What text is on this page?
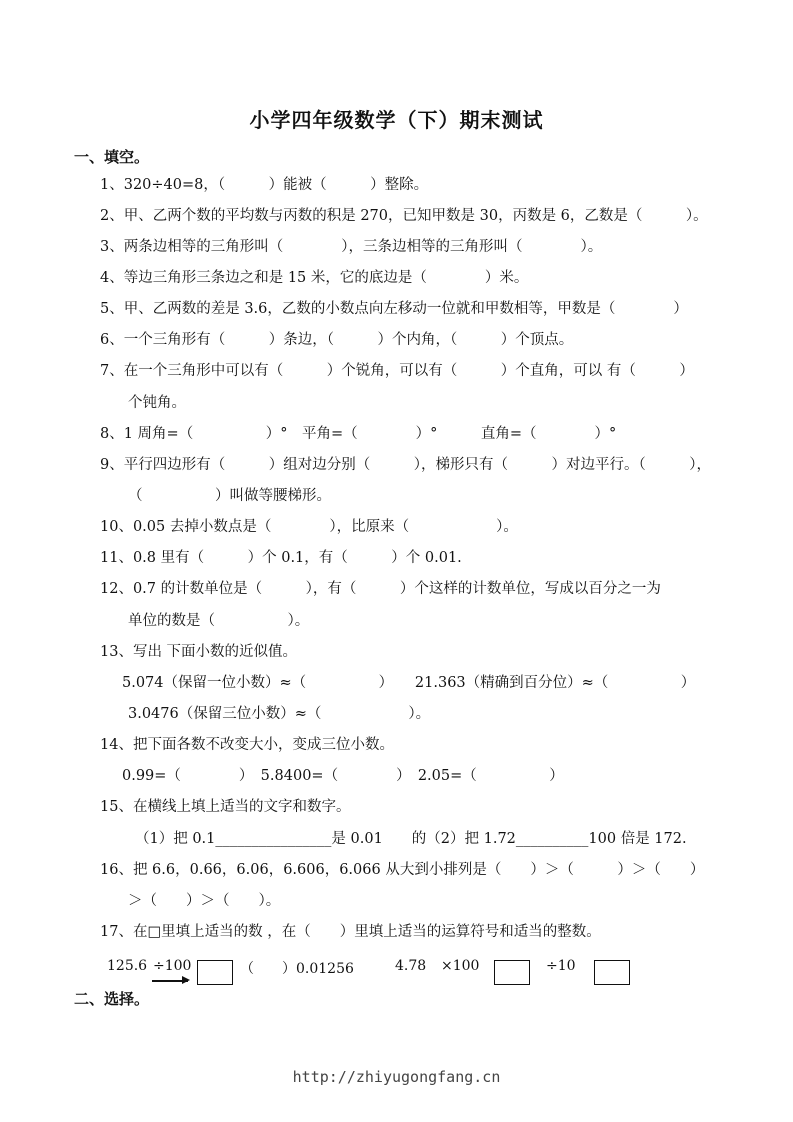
小学四年级数学（下）期末测试
一、填空。
1、320÷40=8，（　　　）能被（　　　）整除。
2、甲、乙两个数的平均数与丙数的积是 270，已知甲数是 30，丙数是 6，乙数是（　　　）。
3、两条边相等的三角形叫（　　　　），三条边相等的三角形叫（　　　　）。
4、等边三角形三条边之和是 15 米，它的底边是（　　　　）米。
5、甲、乙两数的差是 3.6，乙数的小数点向左移动一位就和甲数相等，甲数是（　　　　）
6、一个三角形有（　　　）条边，（　　　）个内角，（　　　）个顶点。
7、在一个三角形中可以有（　　　）个锐角，可以有（　　　）个直角，可以 有（　　　）
个钝角。
8、1 周角=（　　　　　）°　平角=（　　　　）°　　　直角=（　　　　）°
9、平行四边形有（　　　）组对边分别（　　　），梯形只有（　　　）对边平行。（　　　），
（　　　　　）叫做等腰梯形。
10、0.05 去掉小数点是（　　　　），比原来（　　　　　　）。
11、0.8 里有（　　　）个 0.1，有（　　　）个 0.01.
12、0.7 的计数单位是（　　　），有（　　　）个这样的计数单位，写成以百分之一为
单位的数是（　　　　　）。
13、写出 下面小数的近似值。
5.074（保留一位小数）≈（　　　　　）　　21.363（精确到百分位）≈（　　　　　）
3.0476（保留三位小数）≈（　　　　　　）。
14、把下面各数不改变大小，变成三位小数。
0.99=（　　　　）　5.8400=（　　　　）　2.05=（　　　　　）
15、在横线上填上适当的文字和数字。
（1）把 0.1________________是 0.01　　的（2）把 1.72__________100 倍是 172.
16、把 6.6，0.66，6.06，6.606，6.066 从大到小排列是（　　）＞（　　　）＞（　　）
＞（　　）＞（　　）。
17、在□里填上适当的数 ，在（　　）里填上适当的运算符号和适当的整数。
125.6 ÷100	（　　）0.01256	4.78 ×100	÷10
二、选择。
http://zhiyugongfang.cn
